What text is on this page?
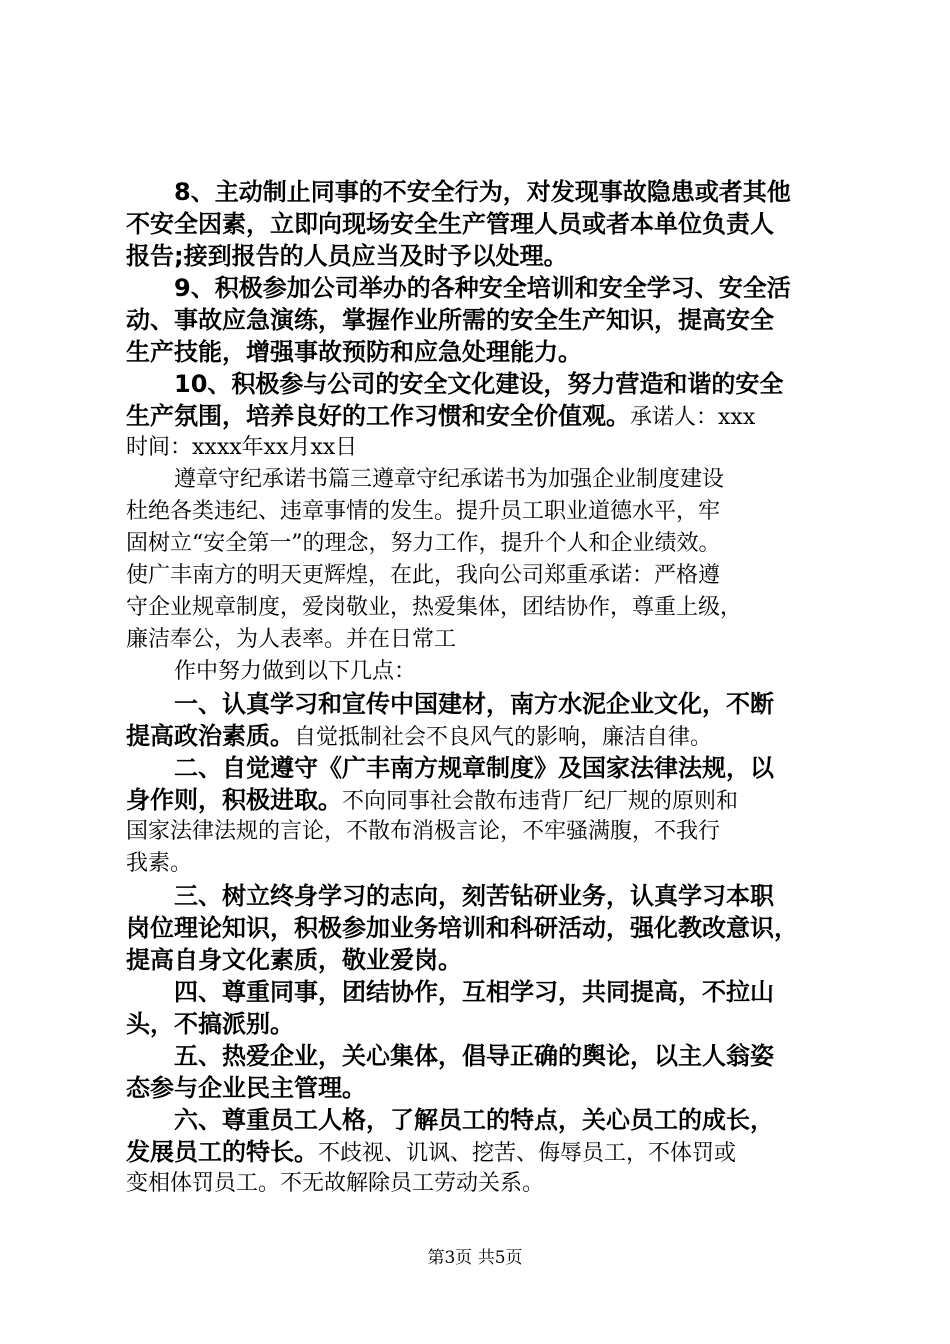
8、主动制止同事的不安全行为，对发现事故隐患或者其他
不安全因素，立即向现场安全生产管理人员或者本单位负责人
报告;接到报告的人员应当及时予以处理。
9、积极参加公司举办的各种安全培训和安全学习、安全活
动、事故应急演练，掌握作业所需的安全生产知识，提高安全
生产技能，增强事故预防和应急处理能力。
10、积极参与公司的安全文化建设，努力营造和谐的安全
生产氛围，培养良好的工作习惯和安全价值观。承诺人：xxx
时间：xxxx年xx月xx日
遵章守纪承诺书篇三遵章守纪承诺书为加强企业制度建设
杜绝各类违纪、违章事情的发生。提升员工职业道德水平，牢
固树立“安全第一”的理念，努力工作，提升个人和企业绩效。
使广丰南方的明天更辉煌，在此，我向公司郑重承诺：严格遵
守企业规章制度，爱岗敬业，热爱集体，团结协作，尊重上级，
廉洁奉公，为人表率。并在日常工
作中努力做到以下几点：
一、认真学习和宣传中国建材，南方水泥企业文化，不断
提高政治素质。自觉抵制社会不良风气的影响，廉洁自律。
二、自觉遵守《广丰南方规章制度》及国家法律法规，以
身作则，积极进取。不向同事社会散布违背厂纪厂规的原则和
国家法律法规的言论，不散布消极言论，不牢骚满腹，不我行
我素。
三、树立终身学习的志向，刻苦钻研业务，认真学习本职
岗位理论知识，积极参加业务培训和科研活动，强化教改意识，
提高自身文化素质，敬业爱岗。
四、尊重同事，团结协作，互相学习，共同提高，不拉山
头，不搞派别。
五、热爱企业，关心集体，倡导正确的舆论，以主人翁姿
态参与企业民主管理。
六、尊重员工人格，了解员工的特点，关心员工的成长，
发展员工的特长。不歧视、讥讽、挖苦、侮辱员工，不体罚或
变相体罚员工。不无故解除员工劳动关系。
第3页 共5页
